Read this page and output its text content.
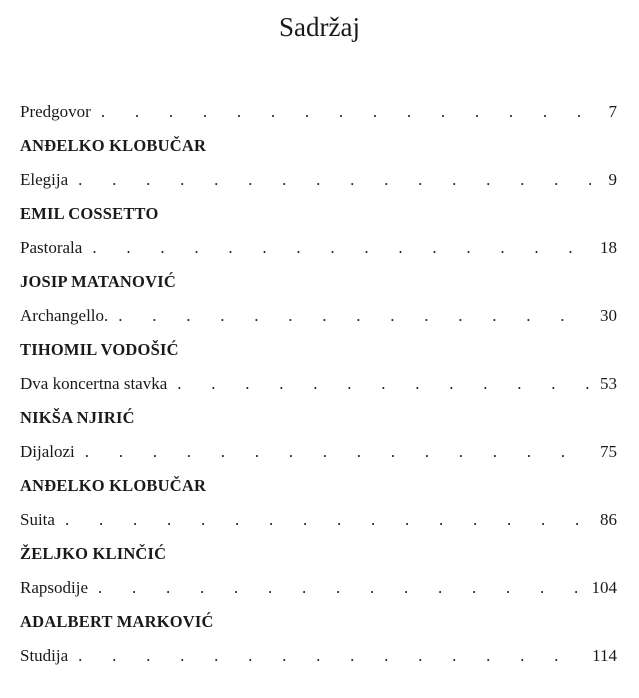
Sadržaj
Predgovor .	7
ANĐELKO KLOBUČAR
Elegija .	9
EMIL COSSETTO
Pastorala .	18
JOSIP MATANOVIĆ
Archangello. .	30
TIHOMIL VODOŠIĆ
Dva koncertna stavka .	53
NIKŠA NJIRIĆ
Dijalozi .	75
ANĐELKO KLOBUČAR
Suita .	86
ŽELJKO KLINČIĆ
Rapsodije .	104
ADALBERT MARKOVIĆ
Studija .	114
